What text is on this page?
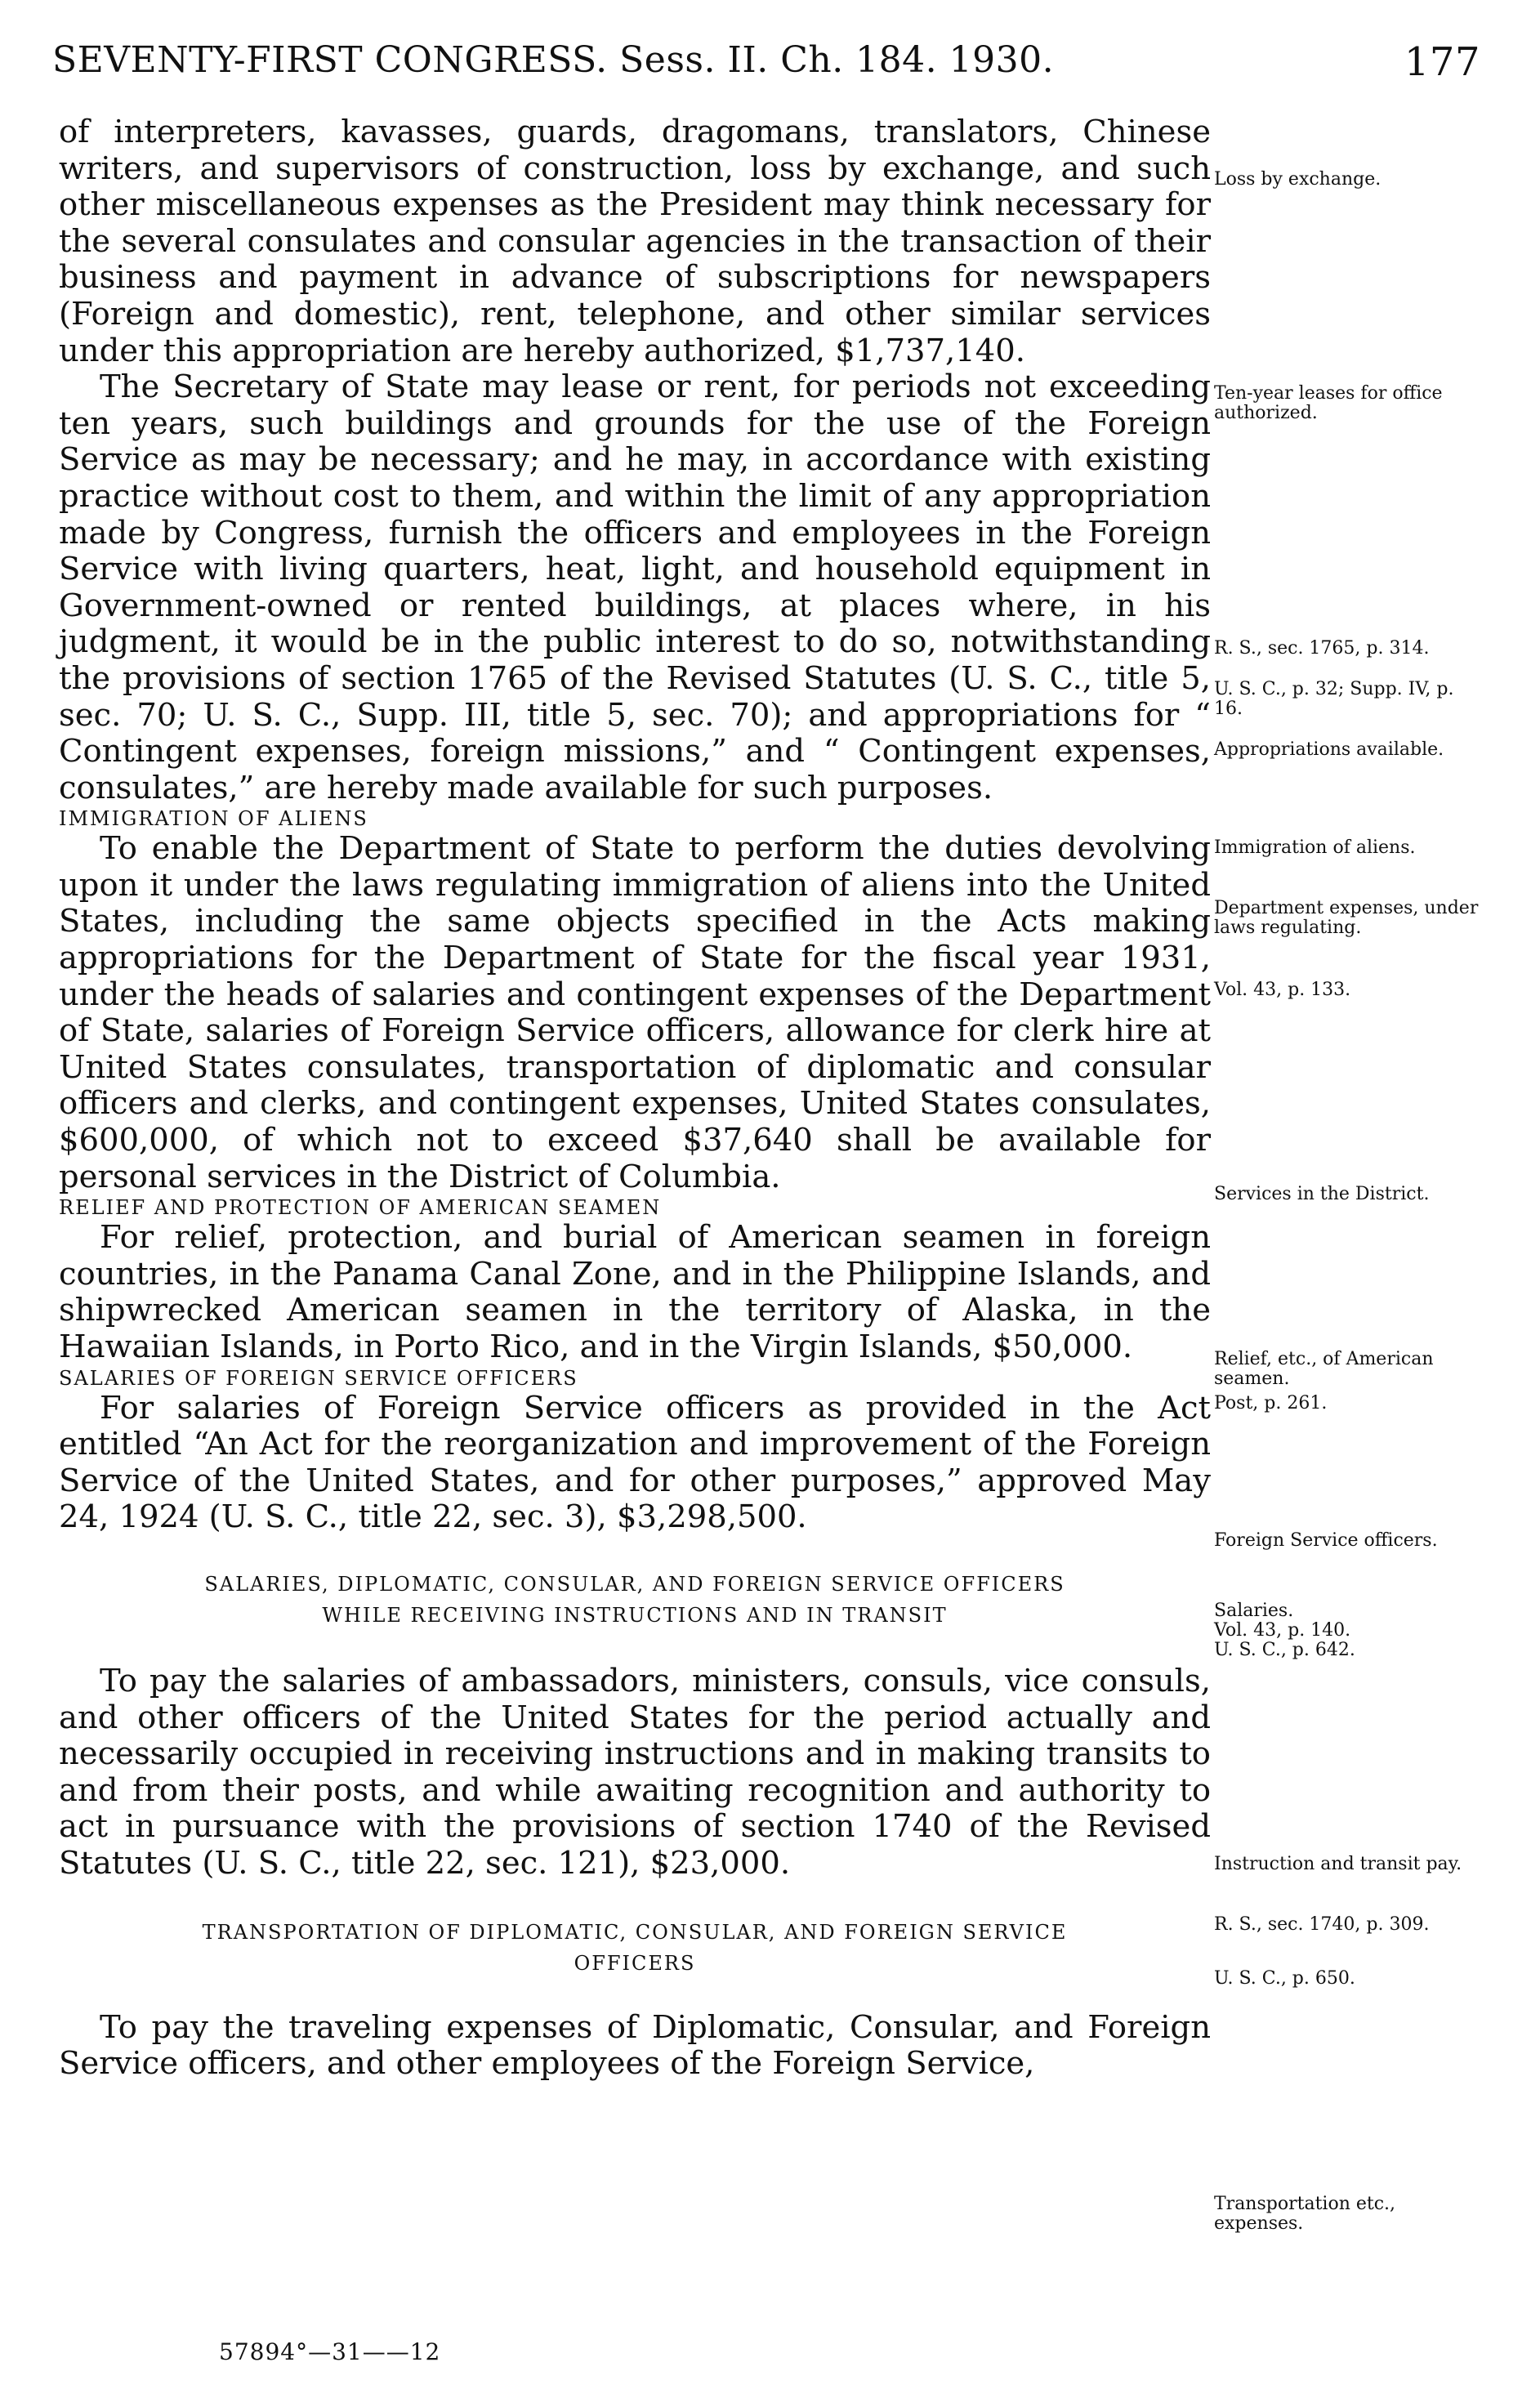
SEVENTY-FIRST CONGRESS. Sess. II. Ch. 184. 1930.	177

of interpreters, kavasses, guards, dragomans, translators, Chinese writers, and supervisors of construction, loss by exchange, and such other miscellaneous expenses as the President may think necessary for the several consulates and consular agencies in the transaction of their business and payment in advance of subscriptions for newspapers (Foreign and domestic), rent, telephone, and other similar services under this appropriation are hereby authorized, $1,737,140.

The Secretary of State may lease or rent, for periods not exceeding ten years, such buildings and grounds for the use of the Foreign Service as may be necessary; and he may, in accordance with existing practice without cost to them, and within the limit of any appropriation made by Congress, furnish the officers and employees in the Foreign Service with living quarters, heat, light, and household equipment in Government-owned or rented buildings, at places where, in his judgment, it would be in the public interest to do so, notwithstanding the provisions of section 1765 of the Revised Statutes (U. S. C., title 5, sec. 70; U. S. C., Supp. III, title 5, sec. 70); and appropriations for “ Contingent expenses, foreign missions,” and “ Contingent expenses, consulates,” are hereby made available for such purposes.

IMMIGRATION OF ALIENS

To enable the Department of State to perform the duties devolving upon it under the laws regulating immigration of aliens into the United States, including the same objects specified in the Acts making appropriations for the Department of State for the fiscal year 1931, under the heads of salaries and contingent expenses of the Department of State, salaries of Foreign Service officers, allowance for clerk hire at United States consulates, transportation of diplomatic and consular officers and clerks, and contingent expenses, United States consulates, $600,000, of which not to exceed $37,640 shall be available for personal services in the District of Columbia.

RELIEF AND PROTECTION OF AMERICAN SEAMEN

For relief, protection, and burial of American seamen in foreign countries, in the Panama Canal Zone, and in the Philippine Islands, and shipwrecked American seamen in the territory of Alaska, in the Hawaiian Islands, in Porto Rico, and in the Virgin Islands, $50,000.

SALARIES OF FOREIGN SERVICE OFFICERS

For salaries of Foreign Service officers as provided in the Act entitled “An Act for the reorganization and improvement of the Foreign Service of the United States, and for other purposes,” approved May 24, 1924 (U. S. C., title 22, sec. 3), $3,298,500.

SALARIES, DIPLOMATIC, CONSULAR, AND FOREIGN SERVICE OFFICERS
WHILE RECEIVING INSTRUCTIONS AND IN TRANSIT

To pay the salaries of ambassadors, ministers, consuls, vice consuls, and other officers of the United States for the period actually and necessarily occupied in receiving instructions and in making transits to and from their posts, and while awaiting recognition and authority to act in pursuance with the provisions of section 1740 of the Revised Statutes (U. S. C., title 22, sec. 121), $23,000.

TRANSPORTATION OF DIPLOMATIC, CONSULAR, AND FOREIGN SERVICE
OFFICERS

To pay the traveling expenses of Diplomatic, Consular, and Foreign Service officers, and other employees of the Foreign Service,

57894°—31——12
Loss by exchange.
Ten-year leases for office authorized.
R. S., sec. 1765, p. 314.
U. S. C., p. 32; Supp. IV, p. 16.
Appropriations available.
Immigration of aliens.
Department expenses, under laws regulating.
Vol. 43, p. 133.
Services in the District.
Relief, etc., of American seamen.
Post, p. 261.
Foreign Service officers.
Salaries.
Vol. 43, p. 140.
U. S. C., p. 642.
Instruction and transit pay.
R. S., sec. 1740, p. 309.
U. S. C., p. 650.
Transportation etc., expenses.
